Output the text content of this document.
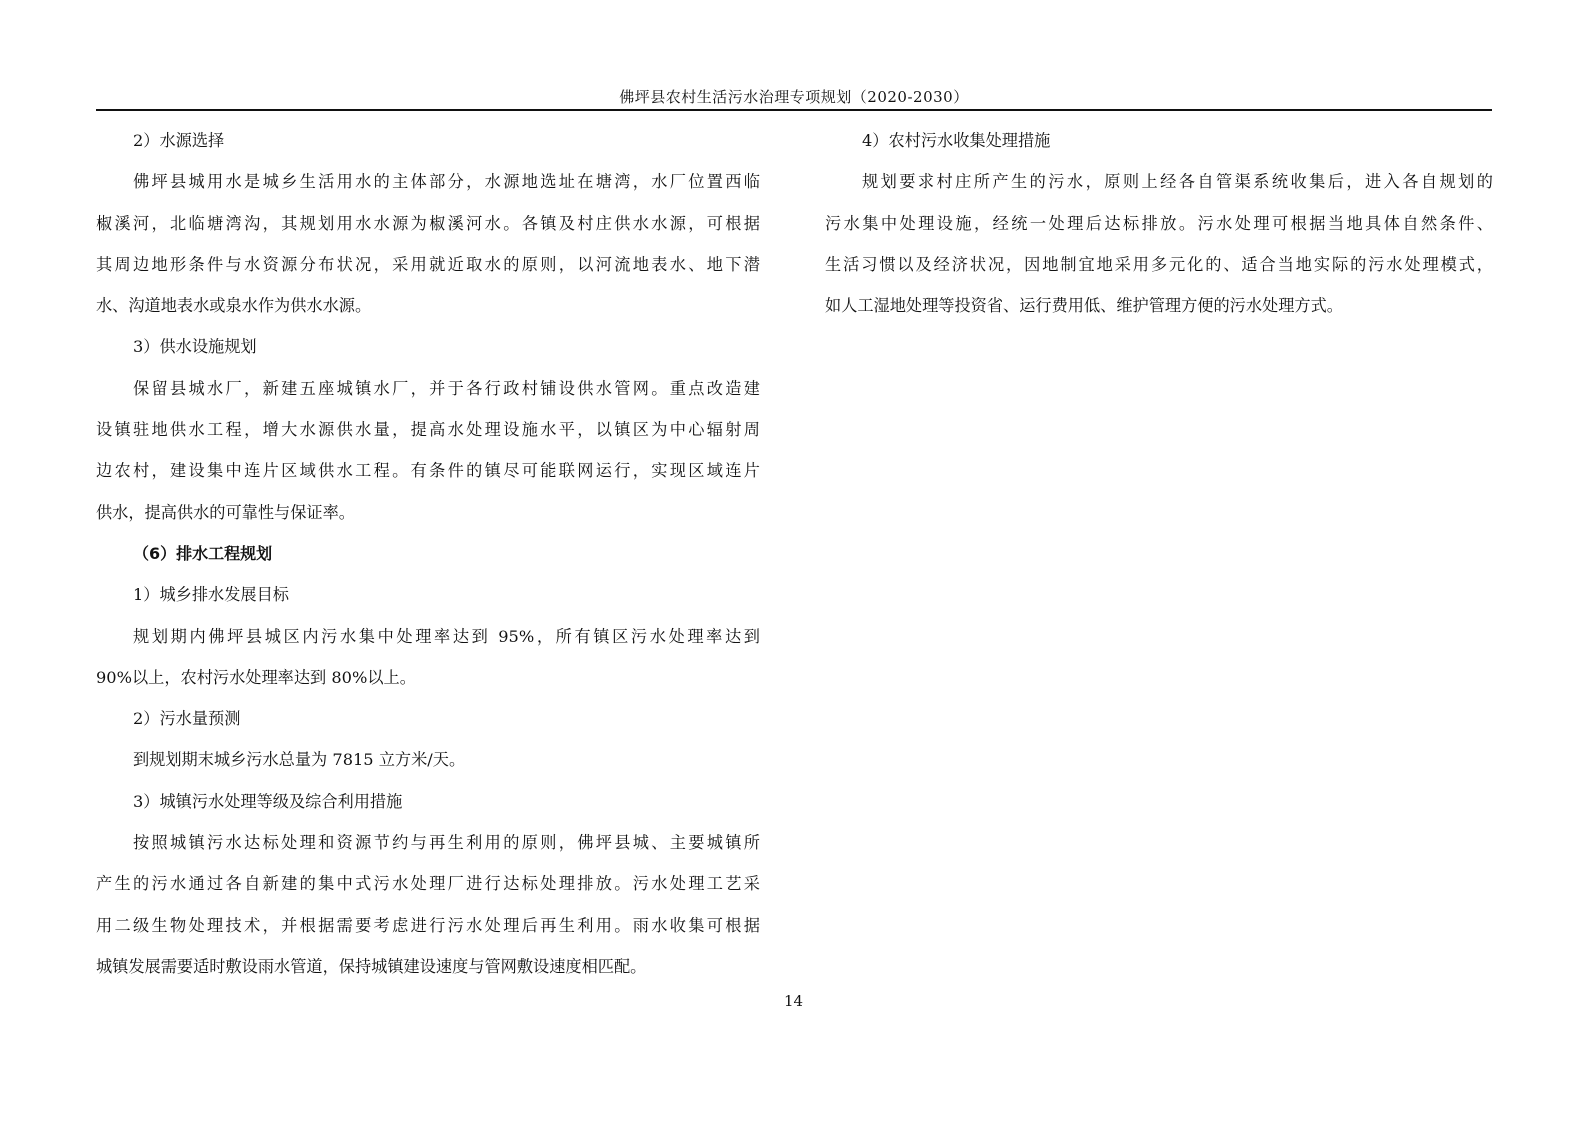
佛坪县农村生活污水治理专项规划（2020-2030）
2）水源选择
佛坪县城用水是城乡生活用水的主体部分，水源地选址在塘湾，水厂位置西临
椒溪河，北临塘湾沟，其规划用水水源为椒溪河水。各镇及村庄供水水源，可根据
其周边地形条件与水资源分布状况，采用就近取水的原则，以河流地表水、地下潜
水、沟道地表水或泉水作为供水水源。
3）供水设施规划
保留县城水厂，新建五座城镇水厂，并于各行政村铺设供水管网。重点改造建
设镇驻地供水工程，增大水源供水量，提高水处理设施水平，以镇区为中心辐射周
边农村，建设集中连片区域供水工程。有条件的镇尽可能联网运行，实现区域连片
供水，提高供水的可靠性与保证率。
（6）排水工程规划
1）城乡排水发展目标
规划期内佛坪县城区内污水集中处理率达到 95%，所有镇区污水处理率达到
90%以上，农村污水处理率达到 80%以上。
2）污水量预测
到规划期末城乡污水总量为 7815 立方米/天。
3）城镇污水处理等级及综合利用措施
按照城镇污水达标处理和资源节约与再生利用的原则，佛坪县城、主要城镇所
产生的污水通过各自新建的集中式污水处理厂进行达标处理排放。污水处理工艺采
用二级生物处理技术，并根据需要考虑进行污水处理后再生利用。雨水收集可根据
城镇发展需要适时敷设雨水管道，保持城镇建设速度与管网敷设速度相匹配。
4）农村污水收集处理措施
规划要求村庄所产生的污水，原则上经各自管渠系统收集后，进入各自规划的
污水集中处理设施，经统一处理后达标排放。污水处理可根据当地具体自然条件、
生活习惯以及经济状况，因地制宜地采用多元化的、适合当地实际的污水处理模式，
如人工湿地处理等投资省、运行费用低、维护管理方便的污水处理方式。
14
